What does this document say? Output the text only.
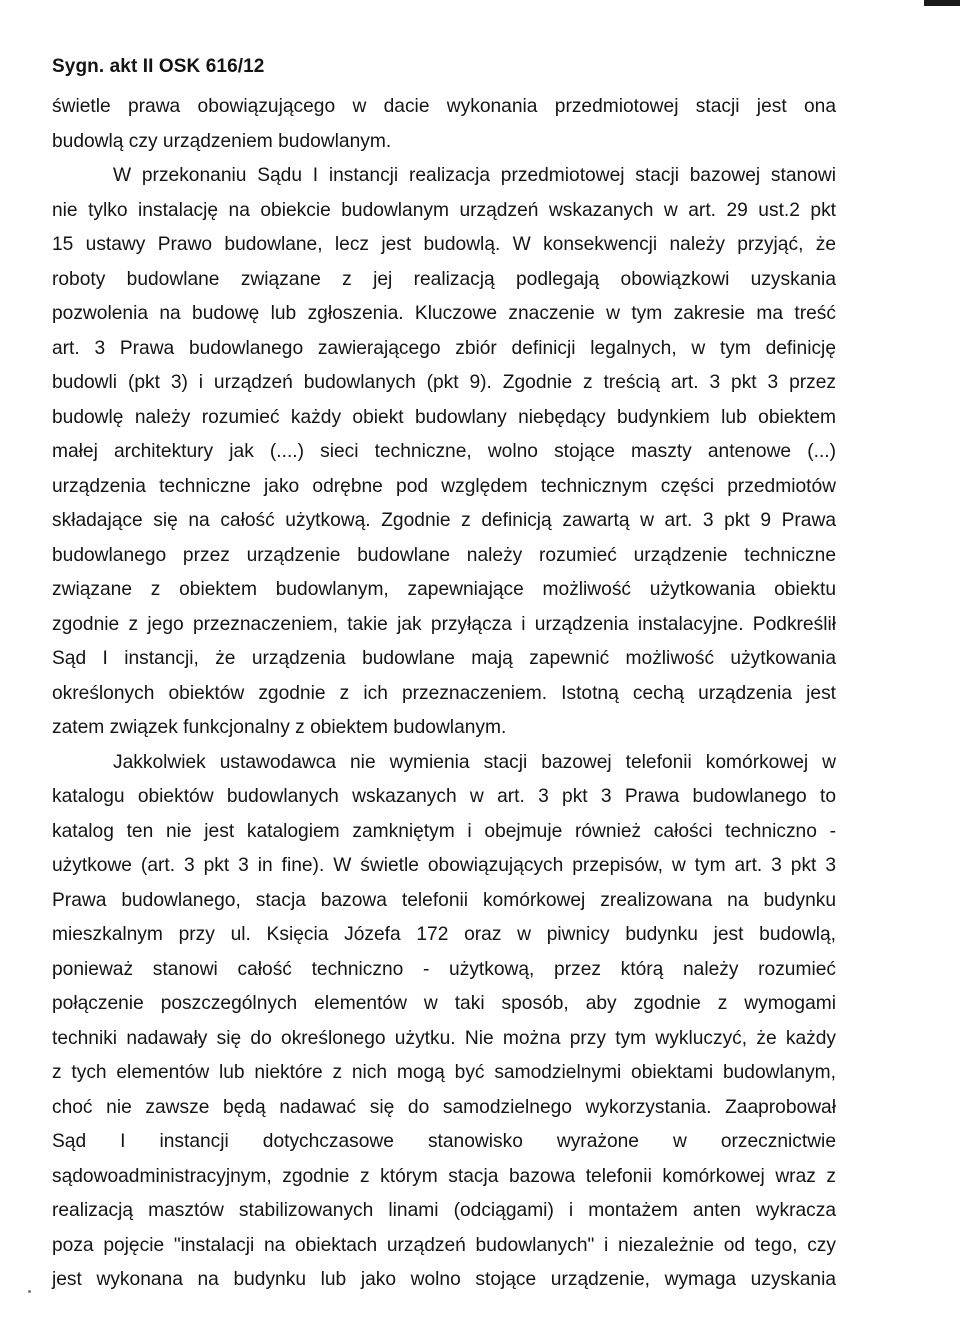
Sygn. akt II OSK 616/12
świetle prawa obowiązującego w dacie wykonania przedmiotowej stacji jest ona
budowlą czy urządzeniem budowlanym.
W przekonaniu Sądu I instancji realizacja przedmiotowej stacji bazowej stanowi
nie tylko instalację na obiekcie budowlanym urządzeń wskazanych w art. 29 ust.2 pkt
15 ustawy Prawo budowlane, lecz jest budowlą. W konsekwencji należy przyjąć, że
roboty budowlane związane z jej realizacją podlegają obowiązkowi uzyskania
pozwolenia na budowę lub zgłoszenia. Kluczowe znaczenie w tym zakresie ma treść
art. 3 Prawa budowlanego zawierającego zbiór definicji legalnych, w tym definicję
budowli (pkt 3) i urządzeń budowlanych (pkt 9). Zgodnie z treścią art. 3 pkt 3 przez
budowlę należy rozumieć każdy obiekt budowlany niebędący budynkiem lub obiektem
małej architektury jak (....) sieci techniczne, wolno stojące maszty antenowe (...)
urządzenia techniczne jako odrębne pod względem technicznym części przedmiotów
składające się na całość użytkową. Zgodnie z definicją zawartą w art. 3 pkt 9 Prawa
budowlanego przez urządzenie budowlane należy rozumieć urządzenie techniczne
związane z obiektem budowlanym, zapewniające możliwość użytkowania obiektu
zgodnie z jego przeznaczeniem, takie jak przyłącza i urządzenia instalacyjne. Podkreślił
Sąd I instancji, że urządzenia budowlane mają zapewnić możliwość użytkowania
określonych obiektów zgodnie z ich przeznaczeniem. Istotną cechą urządzenia jest
zatem związek funkcjonalny z obiektem budowlanym.
Jakkolwiek ustawodawca nie wymienia stacji bazowej telefonii komórkowej w
katalogu obiektów budowlanych wskazanych w art. 3 pkt 3 Prawa budowlanego to
katalog ten nie jest katalogiem zamkniętym i obejmuje również całości techniczno -
użytkowe (art. 3 pkt 3 in fine). W świetle obowiązujących przepisów, w tym art. 3 pkt 3
Prawa budowlanego, stacja bazowa telefonii komórkowej zrealizowana na budynku
mieszkalnym przy ul. Księcia Józefa 172 oraz w piwnicy budynku jest budowlą,
ponieważ stanowi całość techniczno - użytkową, przez którą należy rozumieć
połączenie poszczególnych elementów w taki sposób, aby zgodnie z wymogami
techniki nadawały się do określonego użytku. Nie można przy tym wykluczyć, że każdy
z tych elementów lub niektóre z nich mogą być samodzielnymi obiektami budowlanym,
choć nie zawsze będą nadawać się do samodzielnego wykorzystania. Zaaprobował
Sąd I instancji dotychczasowe stanowisko wyrażone w orzecznictwie
sądowoadministracyjnym, zgodnie z którym stacja bazowa telefonii komórkowej wraz z
realizacją masztów stabilizowanych linami (odciągami) i montażem anten wykracza
poza pojęcie "instalacji na obiektach urządzeń budowlanych" i niezależnie od tego, czy
jest wykonana na budynku lub jako wolno stojące urządzenie, wymaga uzyskania
